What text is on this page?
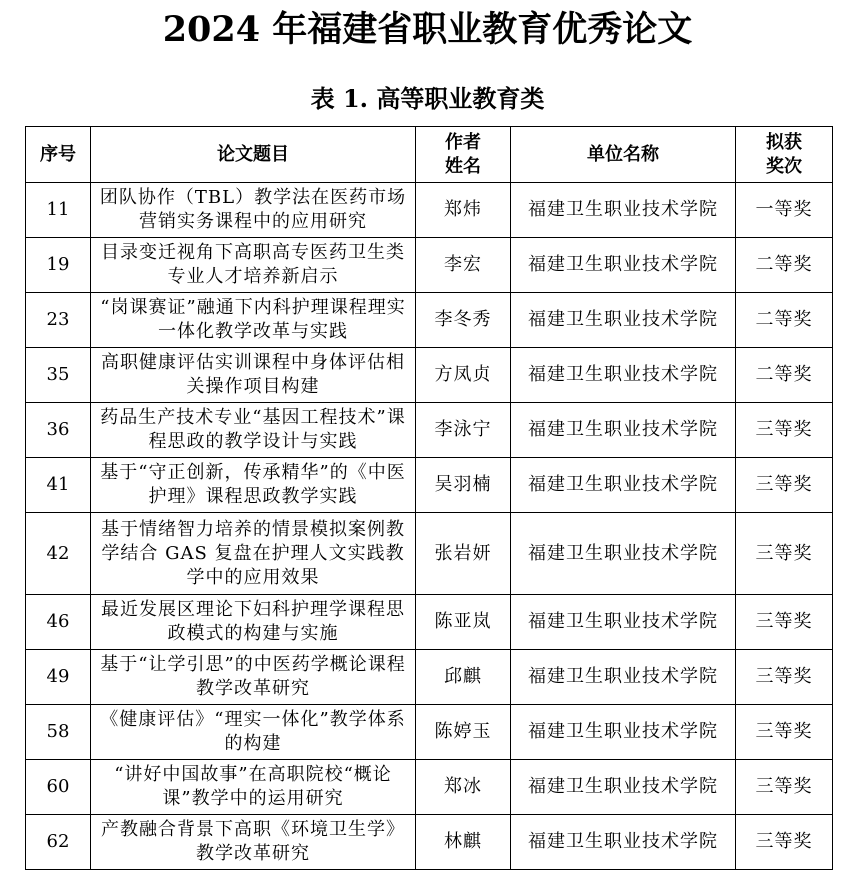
2024 年福建省职业教育优秀论文
表 1. 高等职业教育类
序号	论文题目	作者姓名	单位名称	拟获奖次
11	团队协作（TBL）教学法在医药市场营销实务课程中的应用研究	郑炜	福建卫生职业技术学院	一等奖
19	目录变迁视角下高职高专医药卫生类专业人才培养新启示	李宏	福建卫生职业技术学院	二等奖
23	“岗课赛证”融通下内科护理课程理实一体化教学改革与实践	李冬秀	福建卫生职业技术学院	二等奖
35	高职健康评估实训课程中身体评估相关操作项目构建	方凤贞	福建卫生职业技术学院	二等奖
36	药品生产技术专业“基因工程技术”课程思政的教学设计与实践	李泳宁	福建卫生职业技术学院	三等奖
41	基于“守正创新，传承精华”的《中医护理》课程思政教学实践	吴羽楠	福建卫生职业技术学院	三等奖
42	基于情绪智力培养的情景模拟案例教学结合 GAS 复盘在护理人文实践教学中的应用效果	张岩妍	福建卫生职业技术学院	三等奖
46	最近发展区理论下妇科护理学课程思政模式的构建与实施	陈亚岚	福建卫生职业技术学院	三等奖
49	基于“让学引思”的中医药学概论课程教学改革研究	邱麒	福建卫生职业技术学院	三等奖
58	《健康评估》“理实一体化”教学体系的构建	陈婷玉	福建卫生职业技术学院	三等奖
60	“讲好中国故事”在高职院校“概论课”教学中的运用研究	郑冰	福建卫生职业技术学院	三等奖
62	产教融合背景下高职《环境卫生学》教学改革研究	林麒	福建卫生职业技术学院	三等奖
